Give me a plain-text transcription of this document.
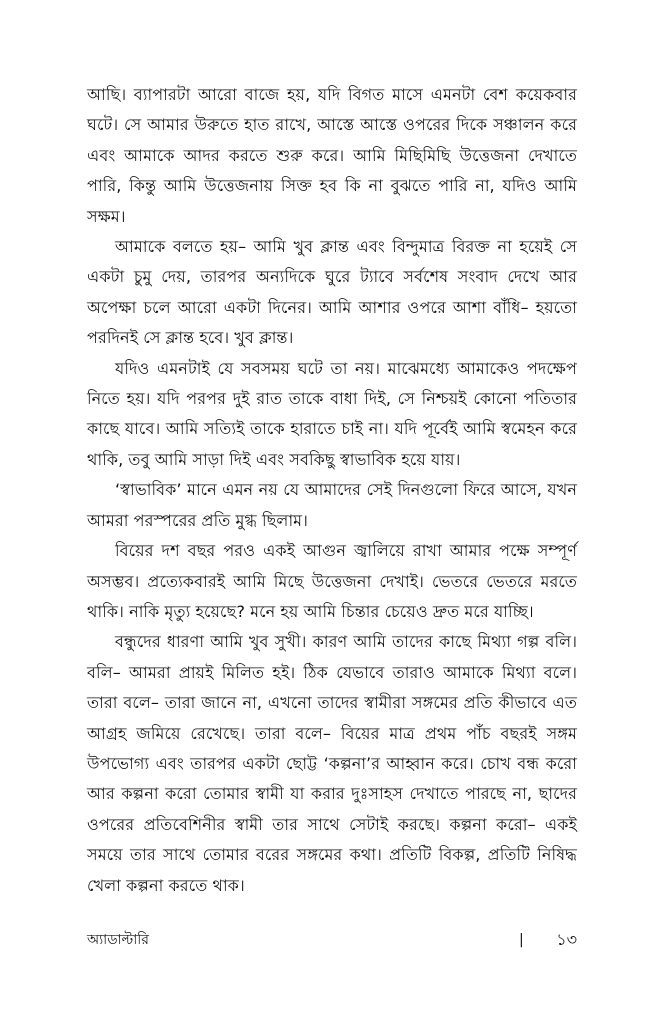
আছি। ব্যাপারটা আরো বাজে হয়, যদি বিগত মাসে এমনটা বেশ কয়েকবার ঘটে। সে আমার উরুতে হাত রাখে, আস্তে আস্তে ওপরের দিকে সঞ্চালন করে এবং আমাকে আদর করতে শুরু করে। আমি মিছিমিছি উত্তেজনা দেখাতে পারি, কিন্তু আমি উত্তেজনায় সিক্ত হব কি না বুঝতে পারি না, যদিও আমি সক্ষম।

আমাকে বলতে হয়– আমি খুব ক্লান্ত এবং বিন্দুমাত্র বিরক্ত না হয়েই সে একটা চুমু দেয়, তারপর অন্যদিকে ঘুরে ট্যাবে সর্বশেষ সংবাদ দেখে আর অপেক্ষা চলে আরো একটা দিনের। আমি আশার ওপরে আশা বাঁধি– হয়তো পরদিনই সে ক্লান্ত হবে। খুব ক্লান্ত।

যদিও এমনটাই যে সবসময় ঘটে তা নয়। মাঝেমধ্যে আমাকেও পদক্ষেপ নিতে হয়। যদি পরপর দুই রাত তাকে বাধা দিই, সে নিশ্চয়ই কোনো পতিতার কাছে যাবে। আমি সত্যিই তাকে হারাতে চাই না। যদি পূর্বেই আমি স্বমেহন করে থাকি, তবু আমি সাড়া দিই এবং সবকিছু স্বাভাবিক হয়ে যায়।

‘স্বাভাবিক’ মানে এমন নয় যে আমাদের সেই দিনগুলো ফিরে আসে, যখন আমরা পরস্পরের প্রতি মুগ্ধ ছিলাম।

বিয়ের দশ বছর পরও একই আগুন জ্বালিয়ে রাখা আমার পক্ষে সম্পূর্ণ অসম্ভব। প্রত্যেকবারই আমি মিছে উত্তেজনা দেখাই। ভেতরে ভেতরে মরতে থাকি। নাকি মৃত্যু হয়েছে? মনে হয় আমি চিন্তার চেয়েও দ্রুত মরে যাচ্ছি।

বন্ধুদের ধারণা আমি খুব সুখী। কারণ আমি তাদের কাছে মিথ্যা গল্প বলি। বলি– আমরা প্রায়ই মিলিত হই। ঠিক যেভাবে তারাও আমাকে মিথ্যা বলে। তারা বলে– তারা জানে না, এখনো তাদের স্বামীরা সঙ্গমের প্রতি কীভাবে এত আগ্রহ জমিয়ে রেখেছে। তারা বলে– বিয়ের মাত্র প্রথম পাঁচ বছরই সঙ্গম উপভোগ্য এবং তারপর একটা ছোট্ট ‘কল্পনা’র আহ্বান করে। চোখ বন্ধ করো আর কল্পনা করো তোমার স্বামী যা করার দুঃসাহস দেখাতে পারছে না, ছাদের ওপরের প্রতিবেশিনীর স্বামী তার সাথে সেটাই করছে। কল্পনা করো– একই সময়ে তার সাথে তোমার বরের সঙ্গমের কথা। প্রতিটি বিকল্প, প্রতিটি নিষিদ্ধ খেলা কল্পনা করতে থাক।

অ্যাডাল্টারি	| ১৩
